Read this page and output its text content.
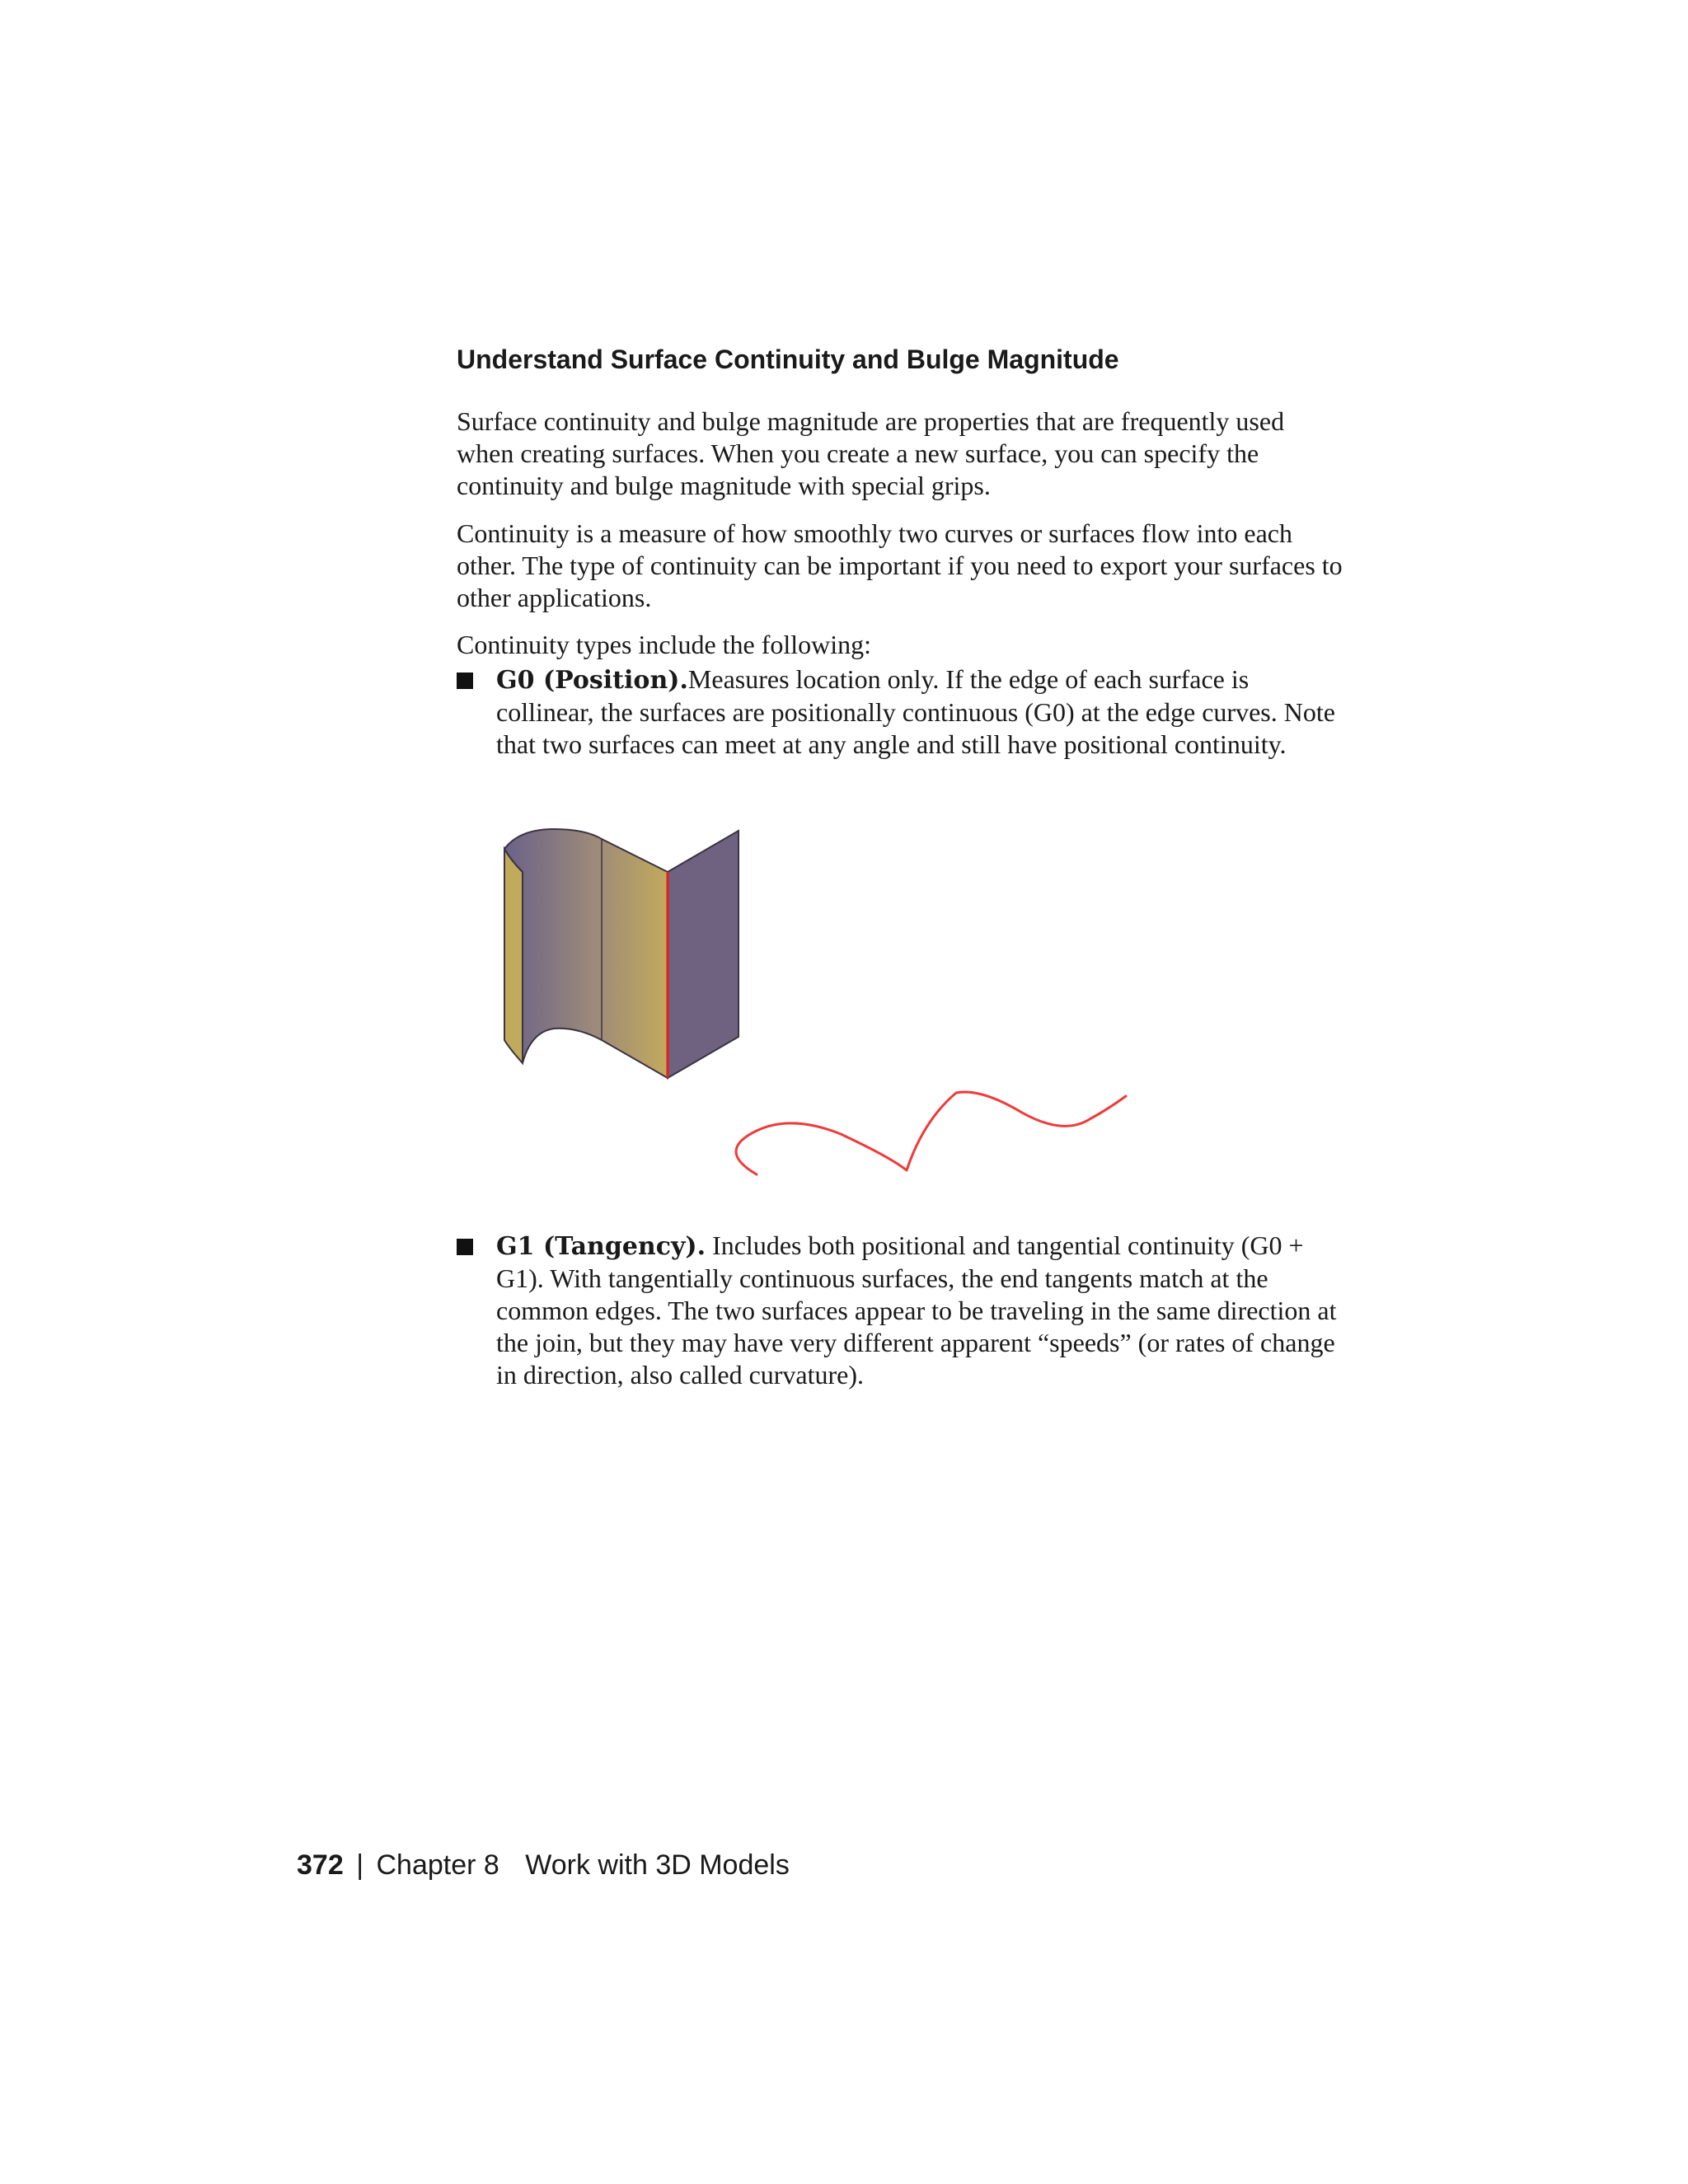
Understand Surface Continuity and Bulge Magnitude

Surface continuity and bulge magnitude are properties that are frequently used when creating surfaces. When you create a new surface, you can specify the continuity and bulge magnitude with special grips.

Continuity is a measure of how smoothly two curves or surfaces flow into each other. The type of continuity can be important if you need to export your surfaces to other applications.

Continuity types include the following:

G0 (Position).Measures location only. If the edge of each surface is collinear, the surfaces are positionally continuous (G0) at the edge curves. Note that two surfaces can meet at any angle and still have positional continuity.

G1 (Tangency). Includes both positional and tangential continuity (G0 + G1). With tangentially continuous surfaces, the end tangents match at the common edges. The two surfaces appear to be traveling in the same direction at the join, but they may have very different apparent “speeds” (or rates of change in direction, also called curvature).

372 | Chapter 8 Work with 3D Models
